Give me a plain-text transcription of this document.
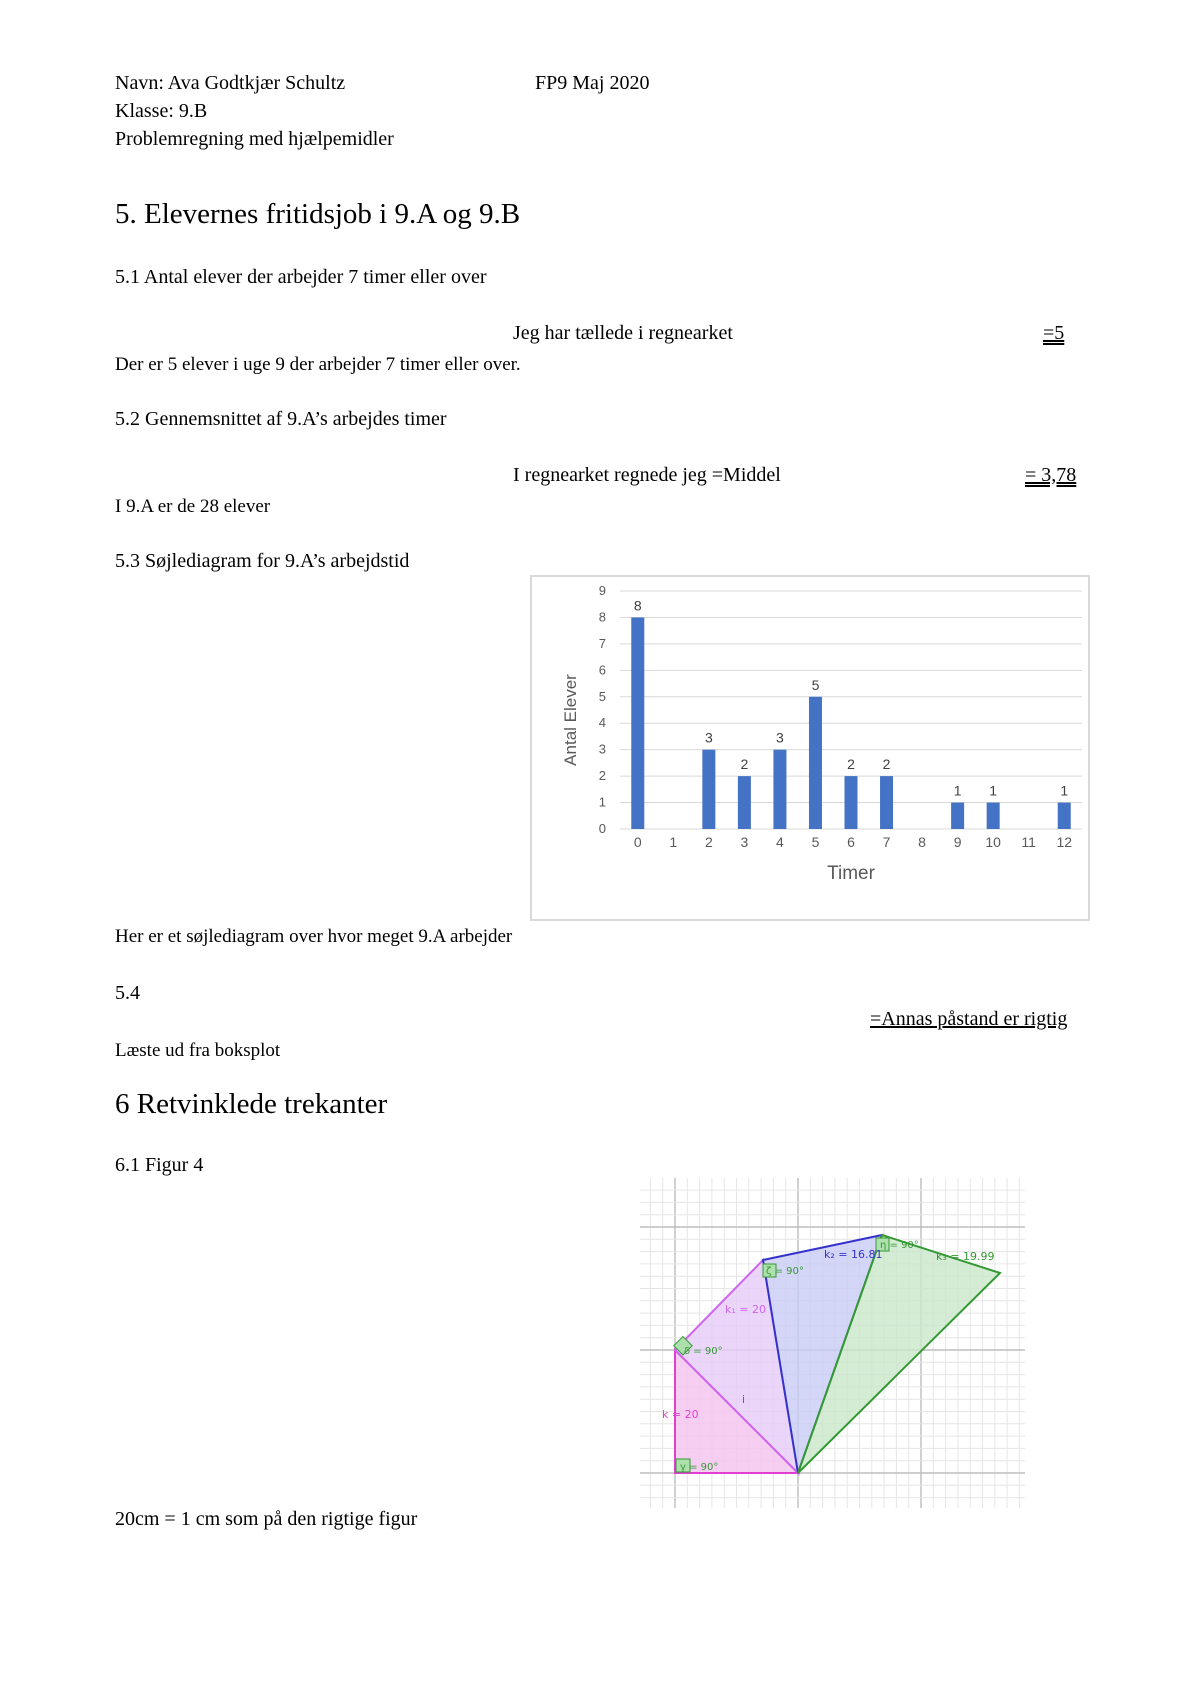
Navn: Ava Godtkjær Schultz	FP9 Maj 2020
Klasse: 9.B
Problemregning med hjælpemidler
5. Elevernes fritidsjob i 9.A og 9.B
5.1 Antal elever der arbejder 7 timer eller over
Jeg har tællede i regnearket	=5
Der er 5 elever i uge 9 der arbejder 7 timer eller over.
5.2 Gennemsnittet af 9.A’s arbejdes timer
I regnearket regnede jeg =Middel	= 3,78
I 9.A er de 28 elever
5.3 Søjlediagram for 9.A’s arbejdstid
0
1
2
3
4
5
6
7
8
9
8
0 1
3
2
2
3
3
4
5
5
2
6
2
7 8
1
9
1
10 11
1
12
Timer
Antal Elever
Her er et søjlediagram over hvor meget 9.A arbejder
5.4
=Annas påstand er rigtig
Læste ud fra boksplot
6 Retvinklede trekanter
6.1 Figur 4
γ = 90°
δ = 90°
ζ = 90°
η = 90°
k = 20
k₁ = 20
i
k₂ = 16.81	k₃ = 19.99
20cm = 1 cm som på den rigtige figur
